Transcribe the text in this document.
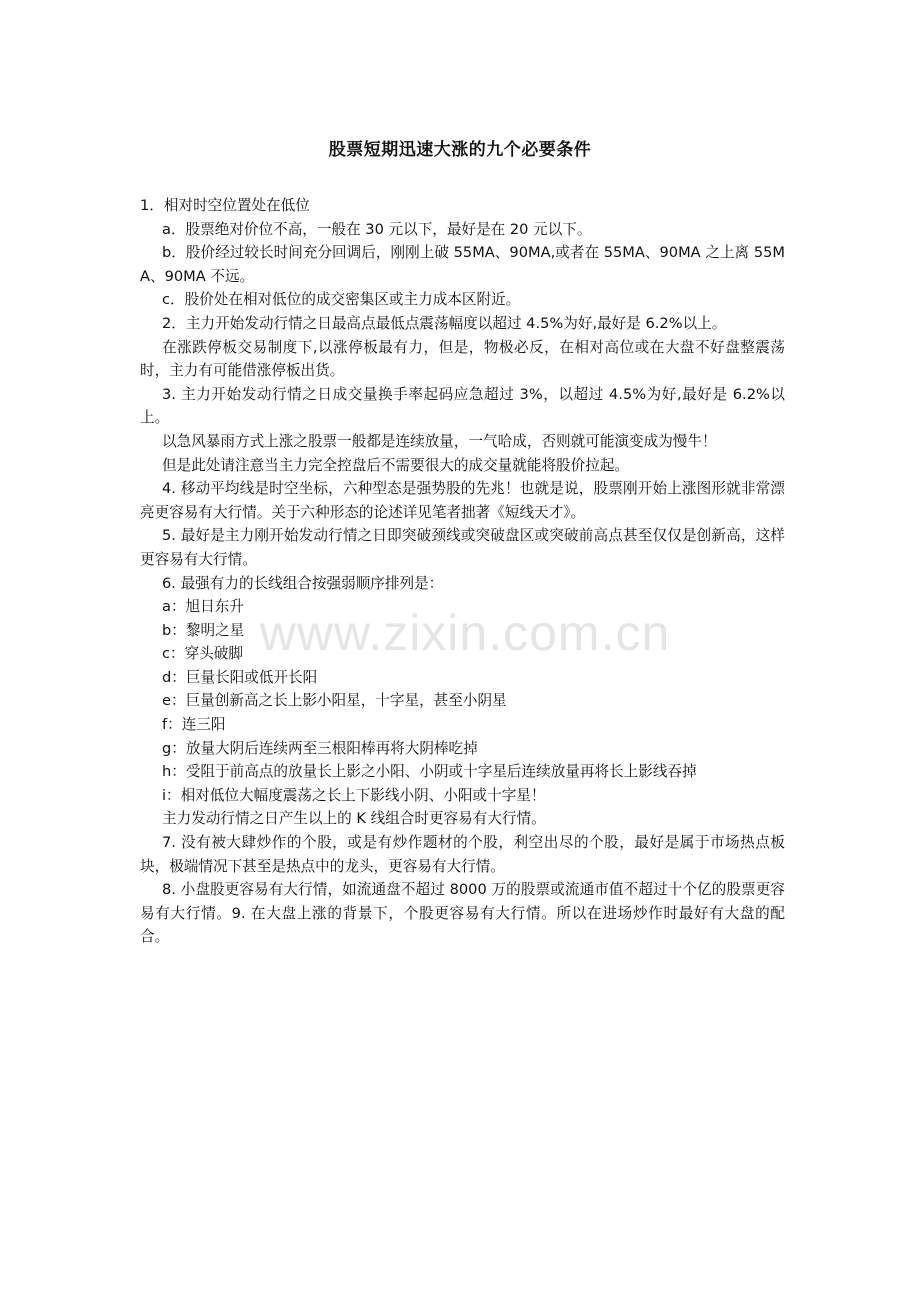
股票短期迅速大涨的九个必要条件

1．相对时空位置处在低位

a．股票绝对价位不高，一般在 30 元以下，最好是在 20 元以下。

b．股价经过较长时间充分回调后，刚刚上破 55MA、90MA,或者在 55MA、90MA 之上离 55MA、90MA 不远。

c．股价处在相对低位的成交密集区或主力成本区附近。

2．主力开始发动行情之日最高点最低点震荡幅度以超过 4.5%为好,最好是 6.2%以上。

在涨跌停板交易制度下,以涨停板最有力，但是，物极必反，在相对高位或在大盘不好盘整震荡时，主力有可能借涨停板出货。

3. 主力开始发动行情之日成交量换手率起码应急超过 3%，以超过 4.5%为好,最好是 6.2%以上。

以急风暴雨方式上涨之股票一般都是连续放量，一气哈成，否则就可能演变成为慢牛！

但是此处请注意当主力完全控盘后不需要很大的成交量就能将股价拉起。

4. 移动平均线是时空坐标，六种型态是强势股的先兆！也就是说，股票刚开始上涨图形就非常漂亮更容易有大行情。关于六种形态的论述详见笔者拙著《短线天才》。

5. 最好是主力刚开始发动行情之日即突破颈线或突破盘区或突破前高点甚至仅仅是创新高，这样更容易有大行情。

6. 最强有力的长线组合按强弱顺序排列是：

a：旭日东升

b：黎明之星

c：穿头破脚

d：巨量长阳或低开长阳

e：巨量创新高之长上影小阳星，十字星，甚至小阴星

f：连三阳

g：放量大阴后连续两至三根阳棒再将大阴棒吃掉

h：受阻于前高点的放量长上影之小阳、小阴或十字星后连续放量再将长上影线吞掉

i：相对低位大幅度震荡之长上下影线小阴、小阳或十字星！

主力发动行情之日产生以上的 K 线组合时更容易有大行情。

7. 没有被大肆炒作的个股，或是有炒作题材的个股，利空出尽的个股，最好是属于市场热点板块，极端情况下甚至是热点中的龙头，更容易有大行情。

8. 小盘股更容易有大行情，如流通盘不超过 8000 万的股票或流通市值不超过十个亿的股票更容易有大行情。9. 在大盘上涨的背景下，个股更容易有大行情。所以在进场炒作时最好有大盘的配合。

www.zixin.com.cn
